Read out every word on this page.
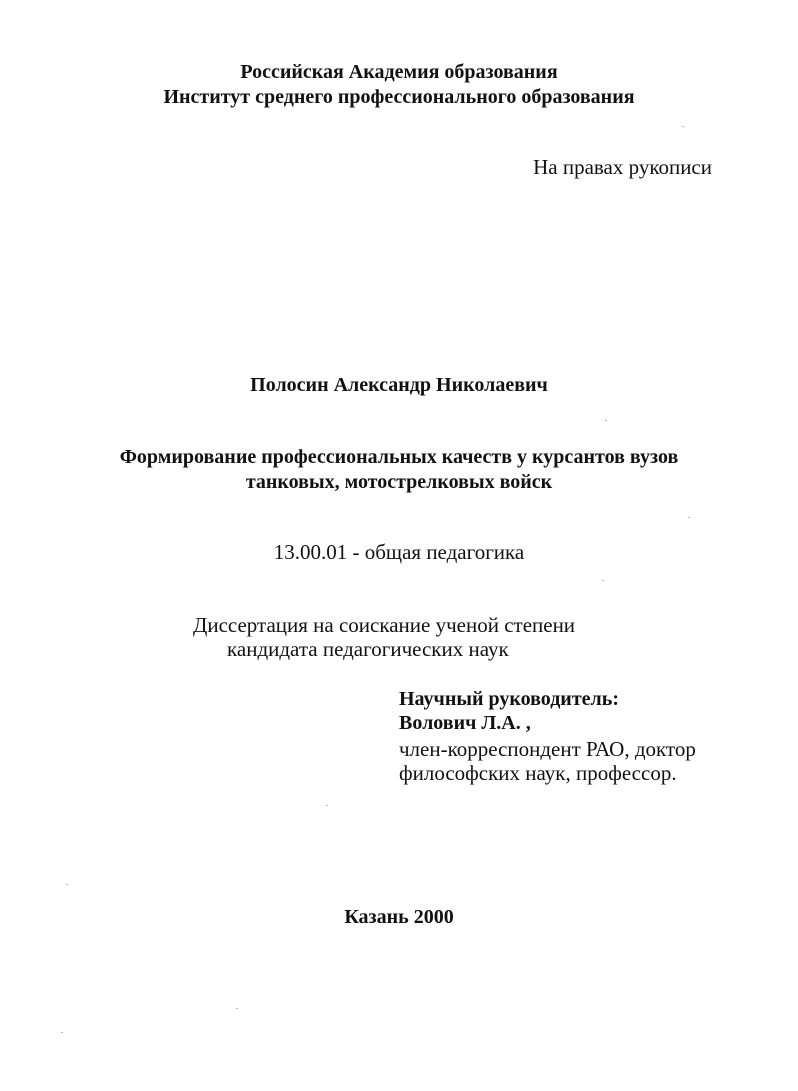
Российская Академия образования
Институт среднего профессионального образования
На правах рукописи
Полосин Александр Николаевич
Формирование профессиональных качеств у курсантов вузов
танковых, мотострелковых войск
13.00.01 - общая педагогика
Диссертация на соискание ученой степени
кандидата педагогических наук
Научный руководитель:
Волович Л.А. ,
член-корреспондент РАО, доктор
философских наук, профессор.
Казань 2000
